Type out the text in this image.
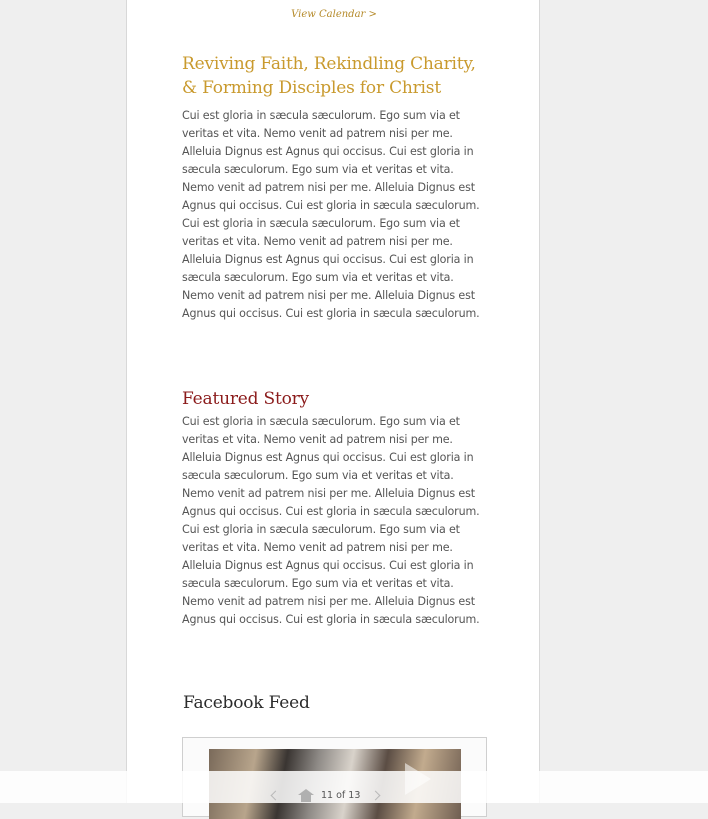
View Calendar >
Reviving Faith, Rekindling Charity, & Forming Disciples for Christ

Cui est gloria in sæcula sæculorum. Ego sum via et veritas et vita. Nemo venit ad patrem nisi per me. Alleluia Dignus est Agnus qui occisus. Cui est gloria in sæcula sæculorum. Ego sum via et veritas et vita. Nemo venit ad patrem nisi per me. Alleluia Dignus est Agnus qui occisus. Cui est gloria in sæcula sæculorum. Cui est gloria in sæcula sæculorum. Ego sum via et veritas et vita. Nemo venit ad patrem nisi per me. Alleluia Dignus est Agnus qui occisus. Cui est gloria in sæcula sæculorum. Ego sum via et veritas et vita. Nemo venit ad patrem nisi per me. Alleluia Dignus est Agnus qui occisus. Cui est gloria in sæcula sæculorum.

Featured Story

Cui est gloria in sæcula sæculorum. Ego sum via et veritas et vita. Nemo venit ad patrem nisi per me. Alleluia Dignus est Agnus qui occisus. Cui est gloria in sæcula sæculorum. Ego sum via et veritas et vita. Nemo venit ad patrem nisi per me. Alleluia Dignus est Agnus qui occisus. Cui est gloria in sæcula sæculorum. Cui est gloria in sæcula sæculorum. Ego sum via et veritas et vita. Nemo venit ad patrem nisi per me. Alleluia Dignus est Agnus qui occisus. Cui est gloria in sæcula sæculorum. Ego sum via et veritas et vita. Nemo venit ad patrem nisi per me. Alleluia Dignus est Agnus qui occisus. Cui est gloria in sæcula sæculorum.

Facebook Feed
11 of 13
